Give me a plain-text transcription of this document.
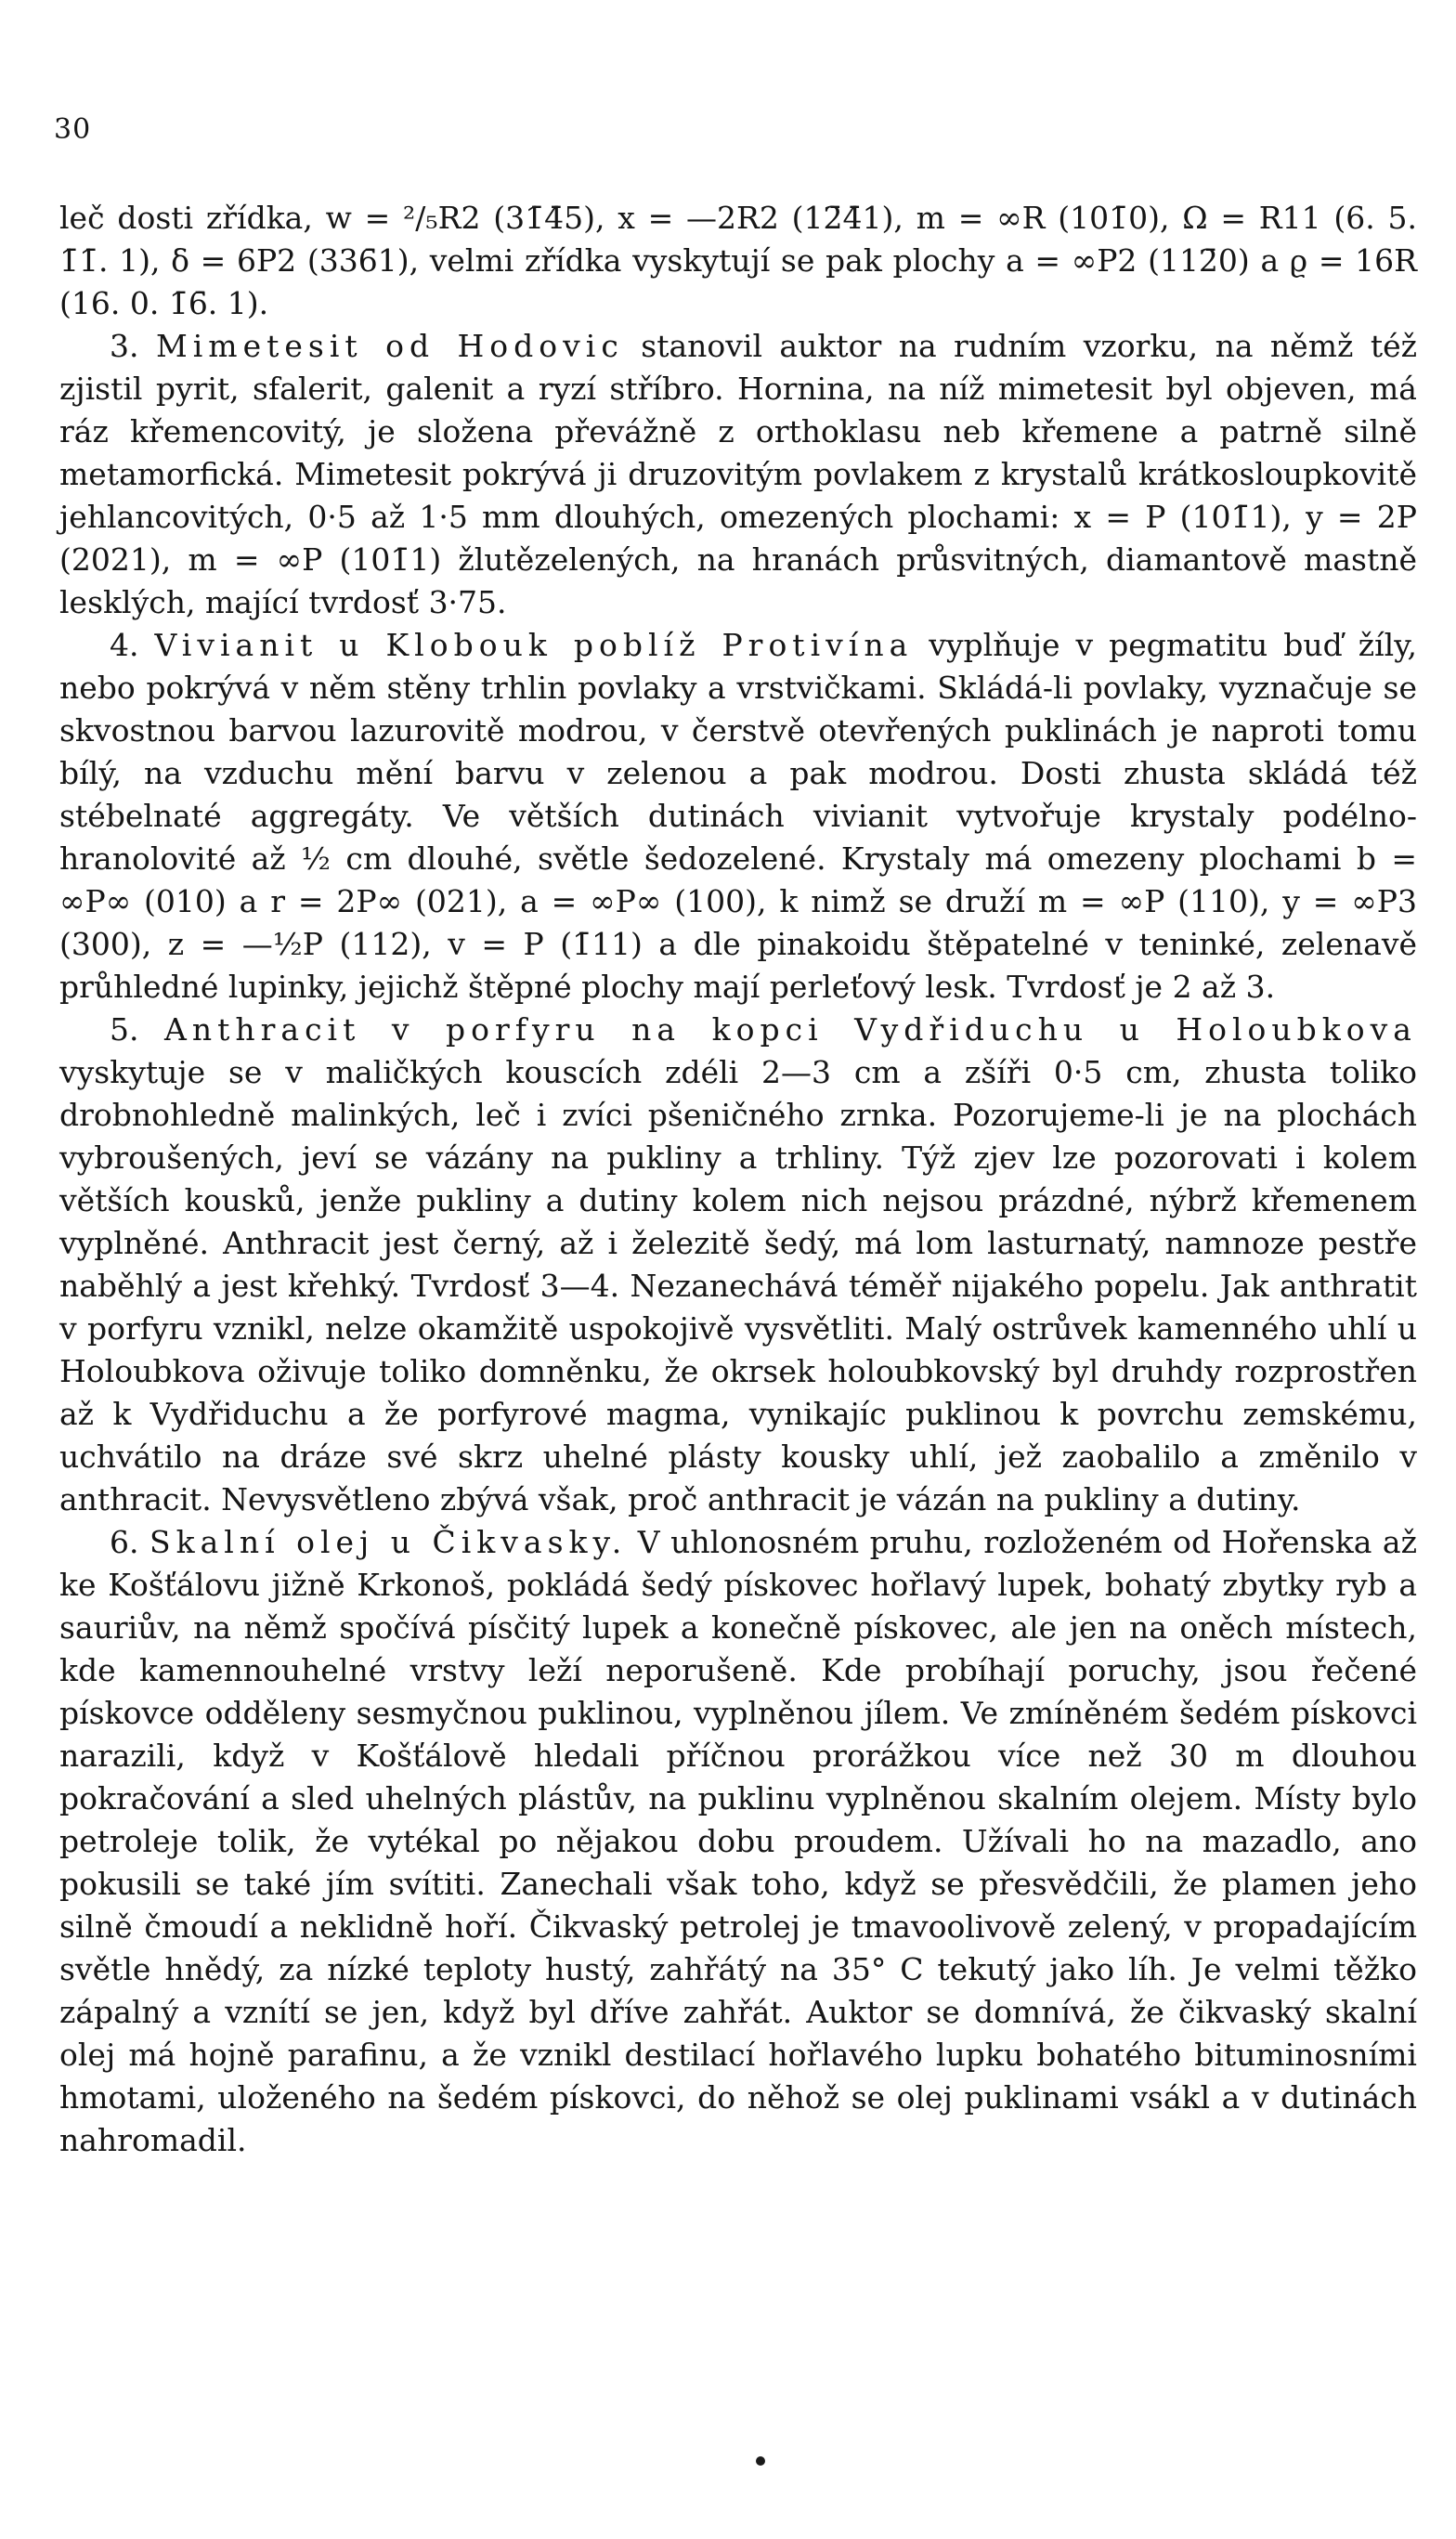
30

leč dosti zřídka, w = ²/₅R2 (31̄4̄5), x = —2R2 (12̄4̄1), m = ∞R (101̄0), Ω = R11 (6. 5. 1̄1̄. 1), δ = 6P2 (336̄1), velmi zřídka vyskytují se pak plochy a = ∞P2 (112̄0) a ϱ = 16R (16. 0. 1̄6̄. 1).

3. Mimetesit od Hodovic stanovil auktor na rudním vzorku, na němž též zjistil pyrit, sfalerit, galenit a ryzí stříbro. Hornina, na níž mimetesit byl objeven, má ráz křemencovitý, je složena převážně z orthoklasu neb křemene a patrně silně metamorfická. Mimetesit pokrývá ji druzovitým povlakem z krystalů krátkosloupkovitě jehlancovitých, 0·5 až 1·5 mm dlouhých, omezených plochami: x = P (101̄1), y = 2P (2021), m = ∞P (101̄1) žlutězelených, na hranách průsvitných, diamantově mastně lesklých, mající tvrdosť 3·75.

4. Vivianit u Klobouk poblíž Protivína vyplňuje v pegmatitu buď žíly, nebo pokrývá v něm stěny trhlin povlaky a vrstvičkami. Skládá-li povlaky, vyznačuje se skvostnou barvou lazurovitě modrou, v čerstvě otevřených puklinách je naproti tomu bílý, na vzduchu mění barvu v zelenou a pak modrou. Dosti zhusta skládá též stébelnaté aggregáty. Ve větších dutinách vivianit vytvořuje krystaly podélno-hranolovité až ½ cm dlouhé, světle šedozelené. Krystaly má omezeny plochami b = ∞P∞ (010) a r = 2P∞ (021), a = ∞P∞ (100), k nimž se druží m = ∞P (110), y = ∞P3 (300), z = —½P (112), v = P (1̄11) a dle pinakoidu štěpatelné v teninké, zelenavě průhledné lupinky, jejichž štěpné plochy mají perleťový lesk. Tvrdosť je 2 až 3.

5. Anthracit v porfyru na kopci Vydřiduchu u Holoubkova vyskytuje se v maličkých kouscích zdéli 2—3 cm a zšíři 0·5 cm, zhusta toliko drobnohledně malinkých, leč i zvíci pšeničného zrnka. Pozorujeme-li je na plochách vybroušených, jeví se vázány na pukliny a trhliny. Týž zjev lze pozorovati i kolem větších kousků, jenže pukliny a dutiny kolem nich nejsou prázdné, nýbrž křemenem vyplněné. Anthracit jest černý, až i železitě šedý, má lom lasturnatý, namnoze pestře naběhlý a jest křehký. Tvrdosť 3—4. Nezanechává téměř nijakého popelu. Jak anthratit v porfyru vznikl, nelze okamžitě uspokojivě vysvětliti. Malý ostrůvek kamenného uhlí u Holoubkova oživuje toliko domněnku, že okrsek holoubkovský byl druhdy rozprostřen až k Vydřiduchu a že porfyrové magma, vynikajíc puklinou k povrchu zemskému, uchvátilo na dráze své skrz uhelné plásty kousky uhlí, jež zaobalilo a změnilo v anthracit. Nevysvětleno zbývá však, proč anthracit je vázán na pukliny a dutiny.

6. Skalní olej u Čikvasky. V uhlonosném pruhu, rozloženém od Hořenska až ke Košťálovu jižně Krkonoš, pokládá šedý pískovec hořlavý lupek, bohatý zbytky ryb a sauriův, na němž spočívá písčitý lupek a konečně pískovec, ale jen na oněch místech, kde kamennouhelné vrstvy leží neporušeně. Kde probíhají poruchy, jsou řečené pískovce odděleny sesmyčnou puklinou, vyplněnou jílem. Ve zmíněném šedém pískovci narazili, když v Košťálově hledali příčnou prorážkou více než 30 m dlouhou pokračování a sled uhelných plástův, na puklinu vyplněnou skalním olejem. Místy bylo petroleje tolik, že vytékal po nějakou dobu proudem. Užívali ho na mazadlo, ano pokusili se také jím svítiti. Zanechali však toho, když se přesvědčili, že plamen jeho silně čmoudí a neklidně hoří. Čikvaský petrolej je tmavoolivově zelený, v propadajícím světle hnědý, za nízké teploty hustý, zahřátý na 35° C tekutý jako líh. Je velmi těžko zápalný a vznítí se jen, když byl dříve zahřát. Auktor se domnívá, že čikvaský skalní olej má hojně parafinu, a že vznikl destilací hořlavého lupku bohatého bituminosními hmotami, uloženého na šedém pískovci, do něhož se olej puklinami vsákl a v dutinách nahromadil.
